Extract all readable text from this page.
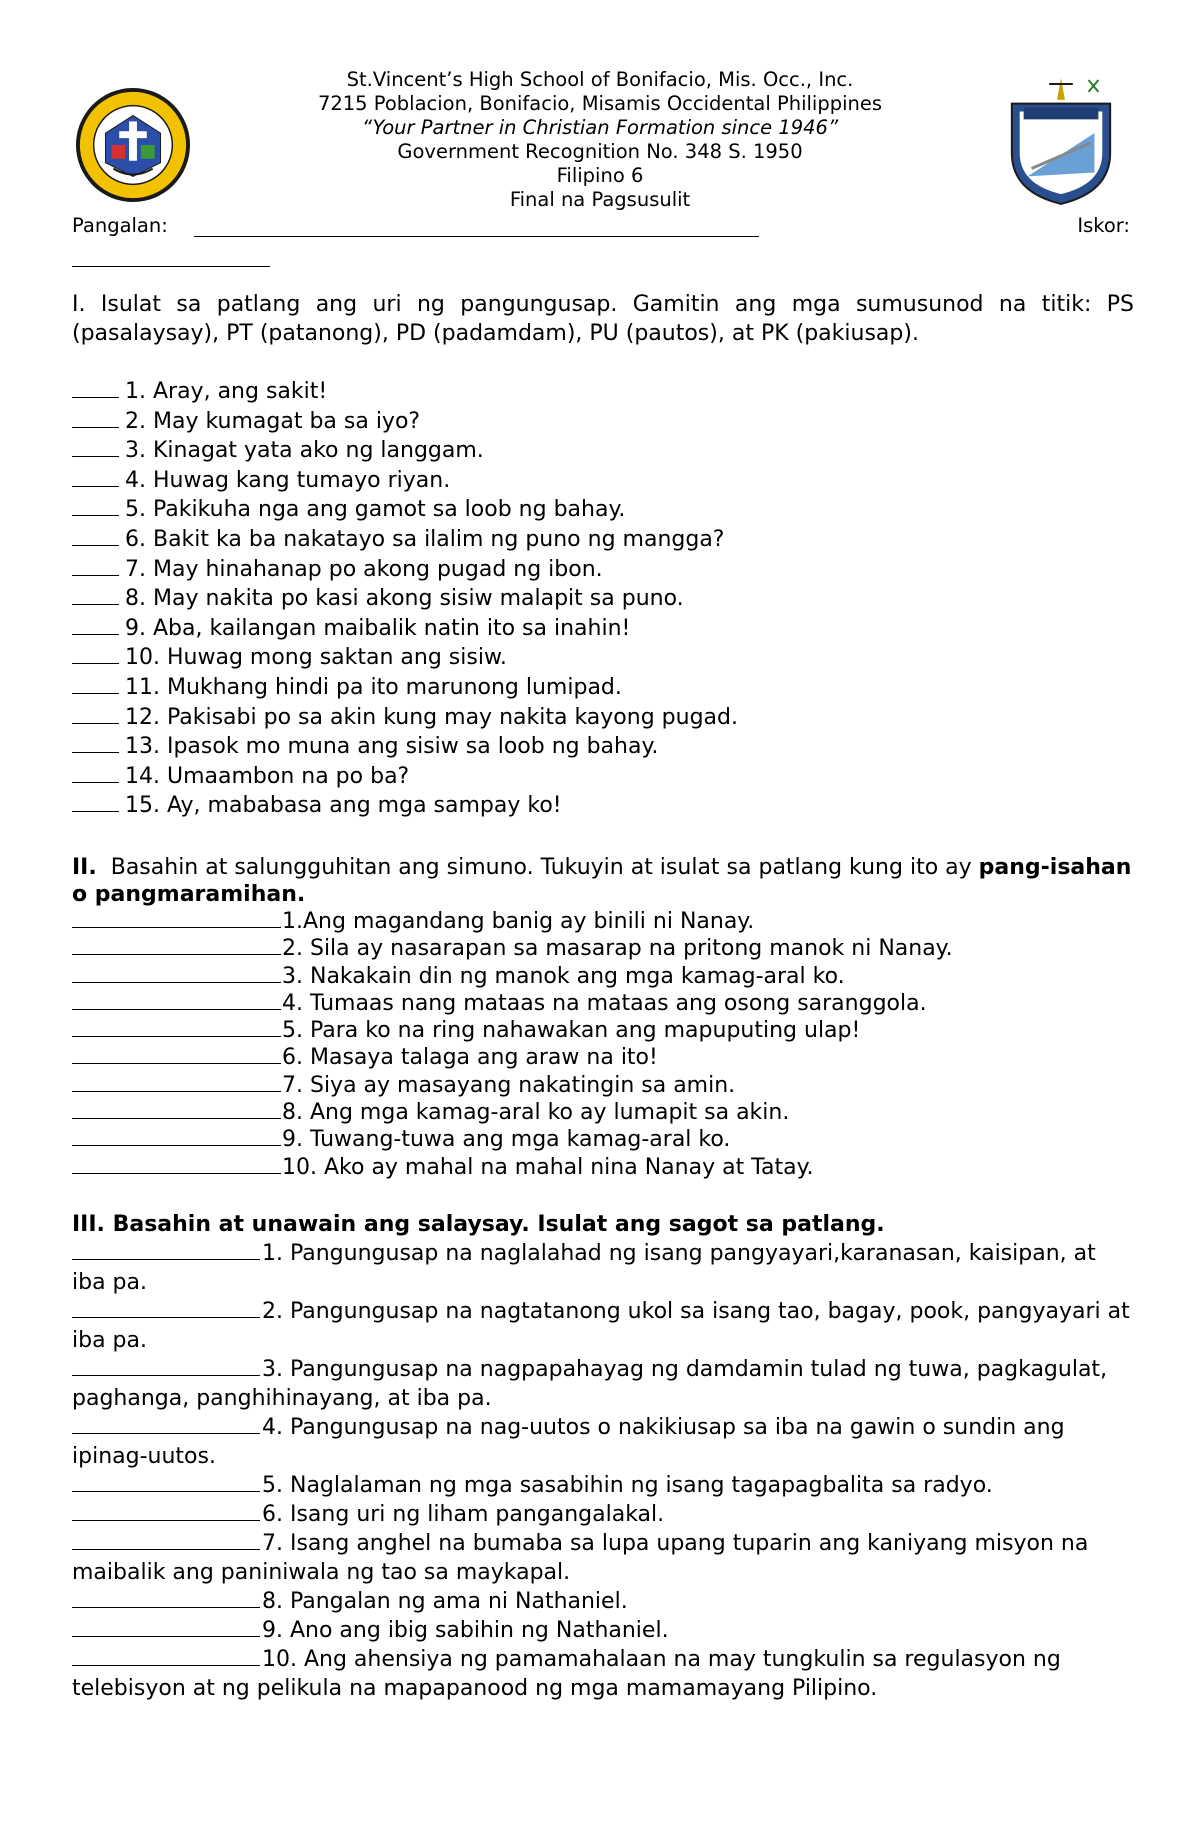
St.Vincent’s High School of Bonifacio, Mis. Occ., Inc.
7215 Poblacion, Bonifacio, Misamis Occidental Philippines
“Your Partner in Christian Formation since 1946”
Government Recognition No. 348 S. 1950
Filipino 6
Final na Pagsusulit
Pangalan:	Iskor:

I. Isulat sa patlang ang uri ng pangungusap. Gamitin ang mga sumusunod na titik: PS (pasalaysay), PT (patanong), PD (padamdam), PU (pautos), at PK (pakiusap).

1. Aray, ang sakit!
2. May kumagat ba sa iyo?
3. Kinagat yata ako ng langgam.
4. Huwag kang tumayo riyan.
5. Pakikuha nga ang gamot sa loob ng bahay.
6. Bakit ka ba nakatayo sa ilalim ng puno ng mangga?
7. May hinahanap po akong pugad ng ibon.
8. May nakita po kasi akong sisiw malapit sa puno.
9. Aba, kailangan maibalik natin ito sa inahin!
10. Huwag mong saktan ang sisiw.
11. Mukhang hindi pa ito marunong lumipad.
12. Pakisabi po sa akin kung may nakita kayong pugad.
13. Ipasok mo muna ang sisiw sa loob ng bahay.
14. Umaambon na po ba?
15. Ay, mababasa ang mga sampay ko!
II. Basahin at salungguhitan ang simuno. Tukuyin at isulat sa patlang kung ito ay pang-isahan o pangmaramihan.
1.Ang magandang banig ay binili ni Nanay.
2. Sila ay nasarapan sa masarap na pritong manok ni Nanay.
3. Nakakain din ng manok ang mga kamag-aral ko.
4. Tumaas nang mataas na mataas ang osong saranggola.
5. Para ko na ring nahawakan ang mapuputing ulap!
6. Masaya talaga ang araw na ito!
7. Siya ay masayang nakatingin sa amin.
8. Ang mga kamag-aral ko ay lumapit sa akin.
9. Tuwang-tuwa ang mga kamag-aral ko.
10. Ako ay mahal na mahal nina Nanay at Tatay.
III. Basahin at unawain ang salaysay. Isulat ang sagot sa patlang.
1. Pangungusap na naglalahad ng isang pangyayari,karanasan, kaisipan, at iba pa.
2. Pangungusap na nagtatanong ukol sa isang tao, bagay, pook, pangyayari at iba pa.
3. Pangungusap na nagpapahayag ng damdamin tulad ng tuwa, pagkagulat, paghanga, panghihinayang, at iba pa.
4. Pangungusap na nag-uutos o nakikiusap sa iba na gawin o sundin ang ipinag-uutos.
5. Naglalaman ng mga sasabihin ng isang tagapagbalita sa radyo.
6. Isang uri ng liham pangangalakal.
7. Isang anghel na bumaba sa lupa upang tuparin ang kaniyang misyon na maibalik ang paniniwala ng tao sa maykapal.
8. Pangalan ng ama ni Nathaniel.
9. Ano ang ibig sabihin ng Nathaniel.
10. Ang ahensiya ng pamamahalaan na may tungkulin sa regulasyon ng telebisyon at ng pelikula na mapapanood ng mga mamamayang Pilipino.
